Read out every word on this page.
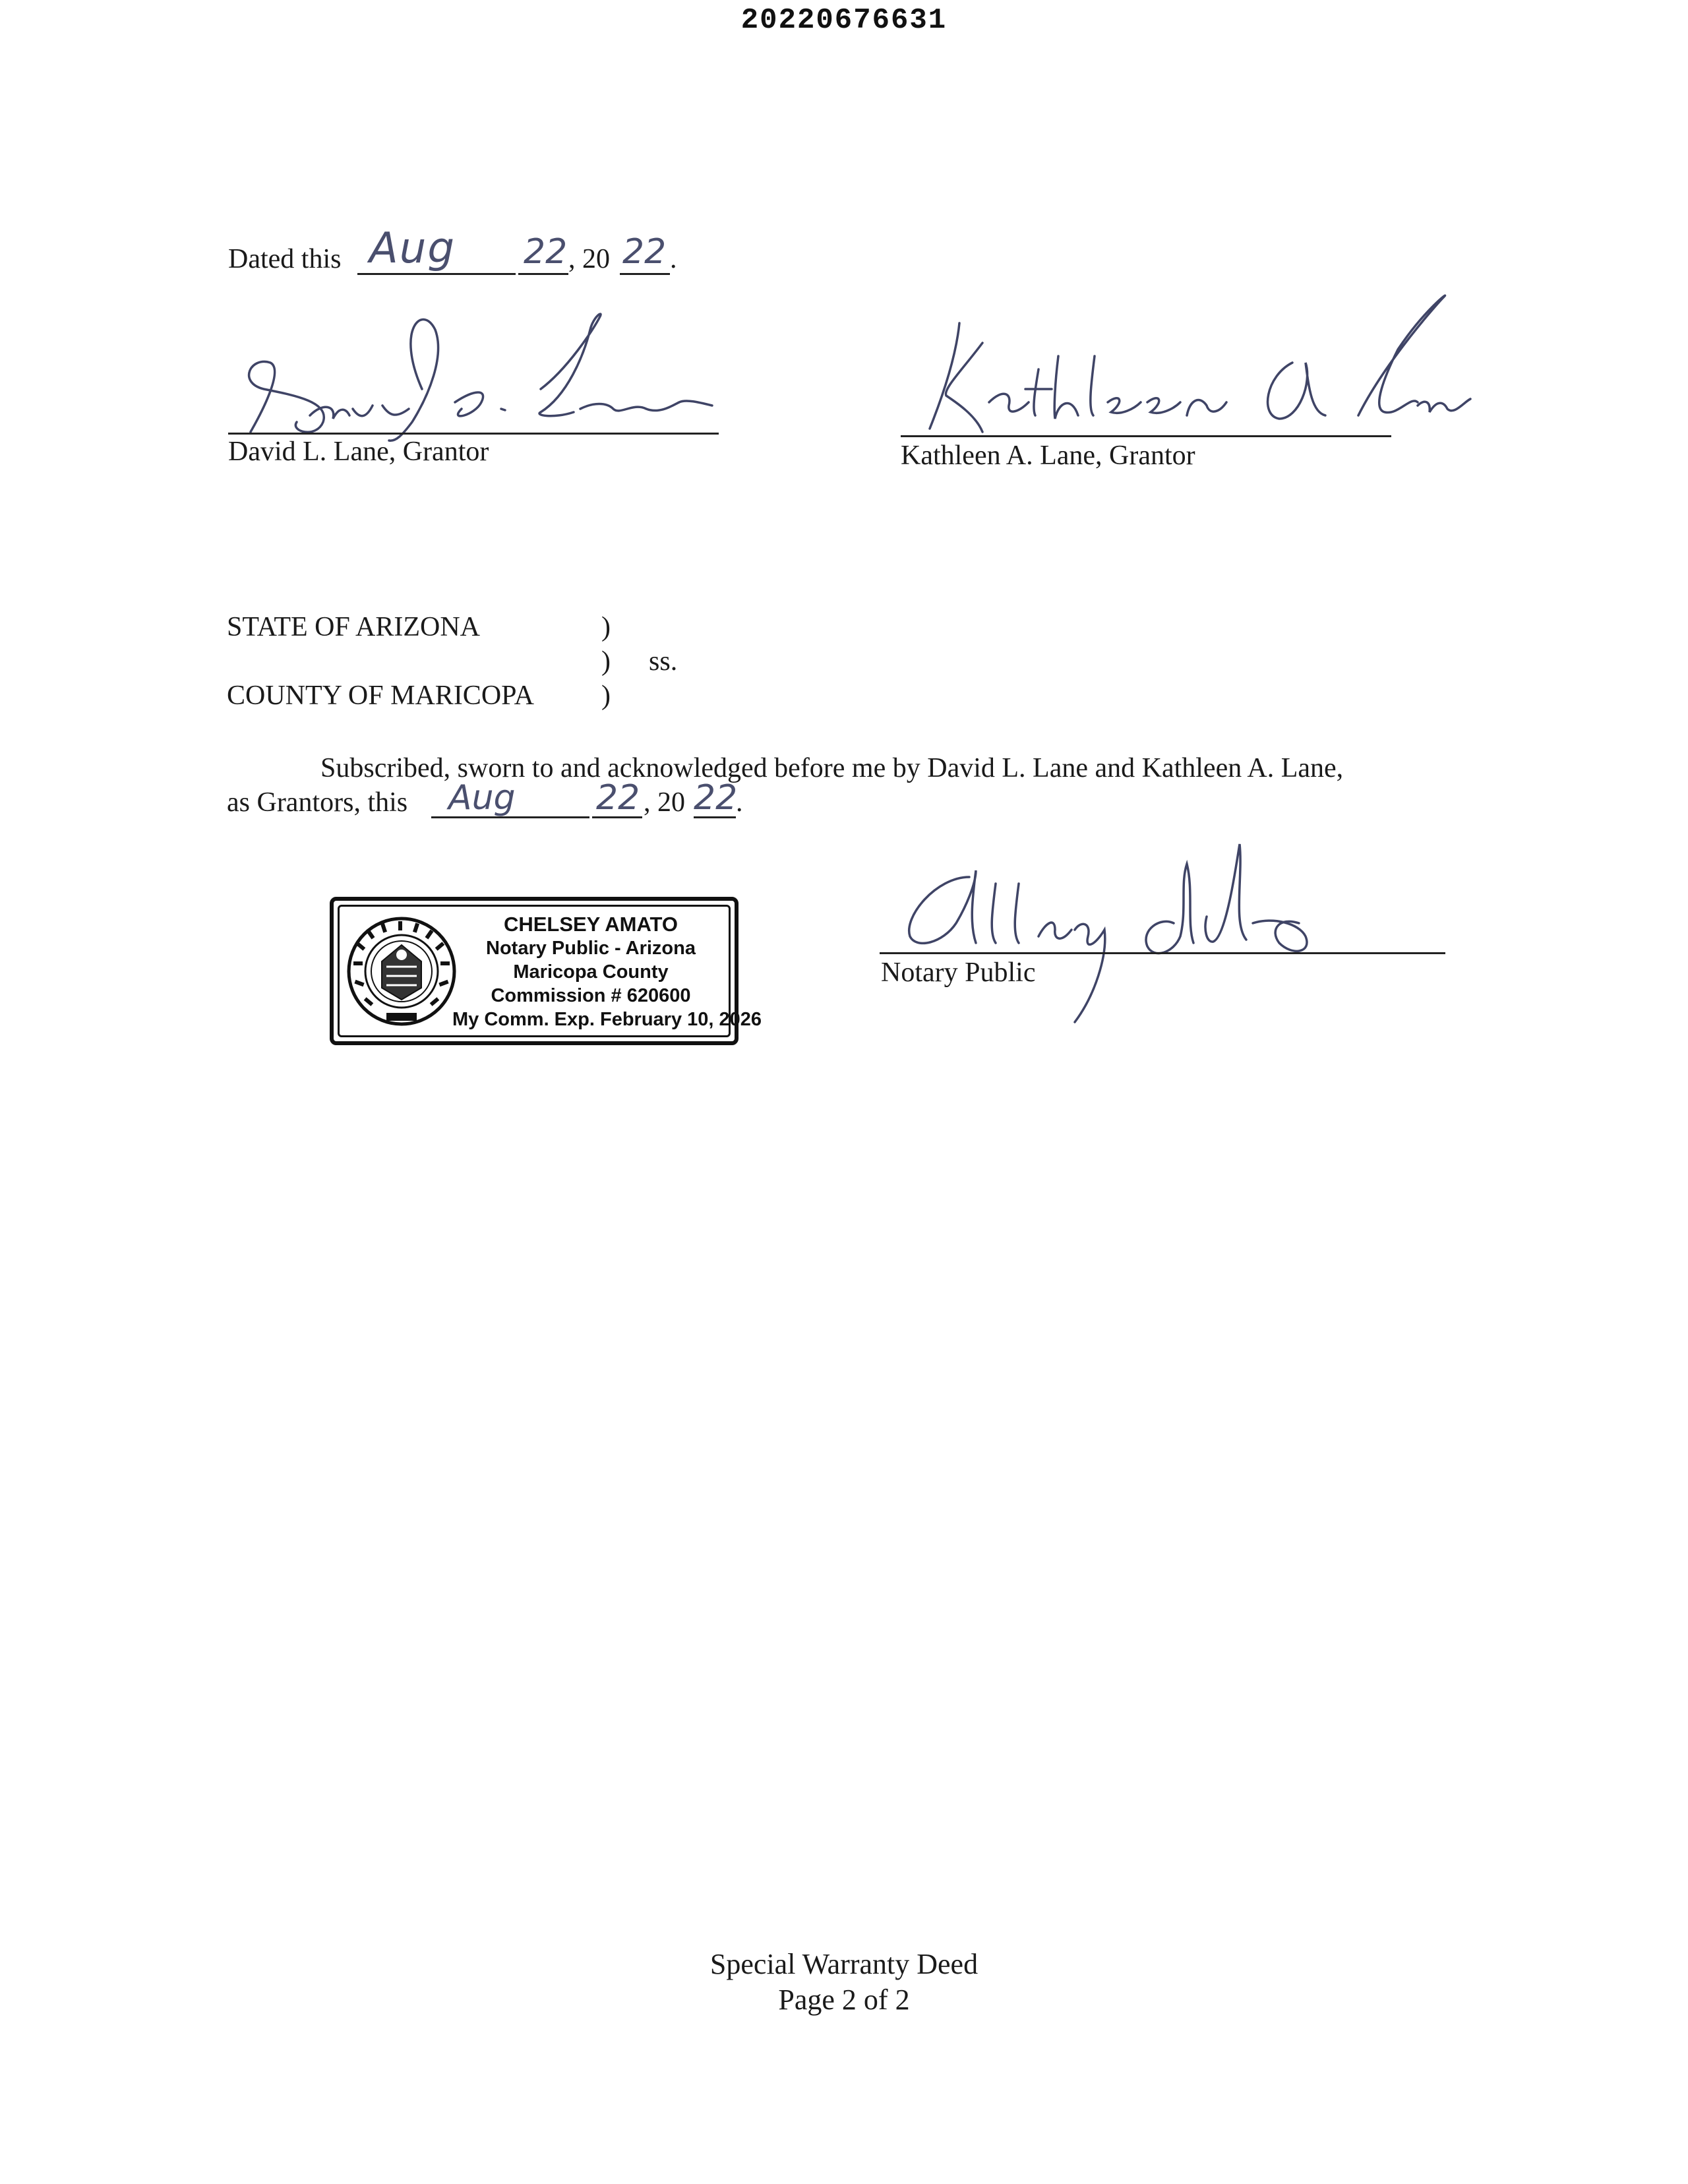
20220676631
Dated this Aug 22 , 20 22 .
David L. Lane, Grantor	Kathleen A. Lane, Grantor
STATE OF ARIZONA	)
) ss.
COUNTY OF MARICOPA )
Subscribed, sworn to and acknowledged before me by David L. Lane and Kathleen A. Lane,
as Grantors, this Aug 22 , 20 22
.
CHELSEY AMATO
Notary Public - Arizona
Maricopa County
Commission # 620600
My Comm. Exp. February 10, 2026
Notary Public
Special Warranty Deed
Page 2 of 2
